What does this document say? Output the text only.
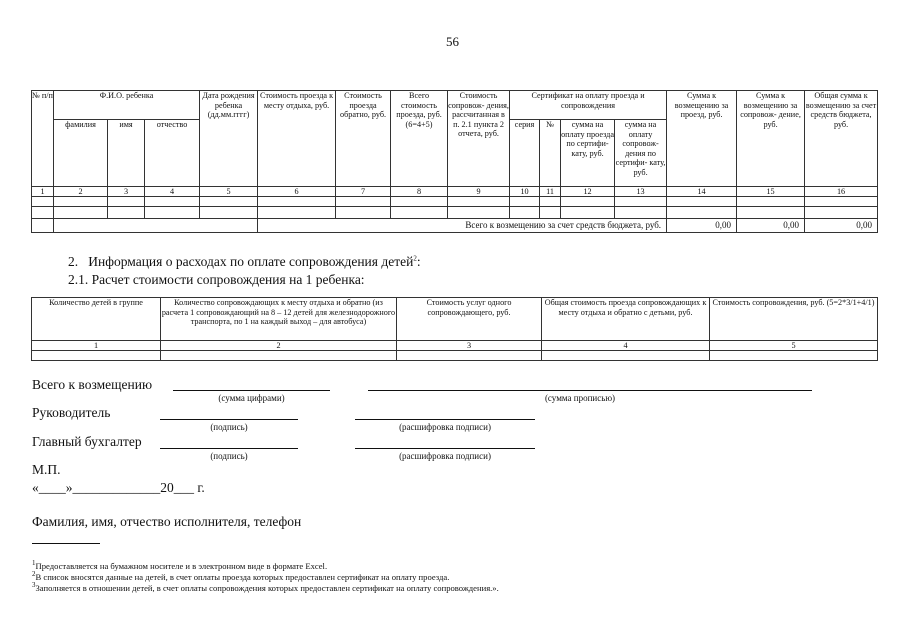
56
№ п/п	Ф.И.О. ребенка			Дата рождения ребенка (дд.мм.гггг)	Стоимость проезда к месту отдыха, руб.	Стоимость проезда обратно, руб.	Всего стоимость проезда, руб. (6=4+5)	Стоимость сопровож- дения, рассчитанная в п. 2.1 пункта 2 отчета, руб.	Сертификат на оплату проезда и сопровождения				Сумма к возмещению за проезд, руб.	Сумма к возмещению за сопровож- дение, руб.	Общая сумма к возмещению за счет средств бюджета, руб.
	фамилия	имя	отчество						серия	№	сумма на оплату проезда по сертифи- кату, руб.	сумма на оплату сопровож- дения по сертифи- кату, руб.			
1	2	3	4	5	6	7	8	9	10	11	12	13	14	15	16

					Всего к возмещению за счет средств бюджета, руб.								0,00	0,00	0,00
2.   Информация о расходах по оплате сопровождения детей$^2$:
2.1. Расчет стоимости сопровождения на 1 ребенка:
Количество детей в группе	Количество сопровождающих к месту отдыха и обратно (из расчета 1 сопровождающий на 8 – 12 детей для железнодорожного транспорта, по 1 на каждый выход – для автобуса)	Стоимость услуг одного сопровождающего, руб.	Общая стоимость проезда сопровождающих к месту отдыха и обратно с детьми, руб.	Стоимость сопровождения, руб. (5=2*3/1+4/1)
1	2	3	4	5

Всего к возмещению
(сумма цифрами)	(сумма прописью)
Руководитель
(подпись)	(расшифровка подписи)
Главный бухгалтер
(подпись)	(расшифровка подписи)
М.П.
«____»_____________20___ г.
Фамилия, имя, отчество исполнителя, телефон
$^1$Предоставляется на бумажном носителе и в электронном виде в формате Excel.
$^2$В список вносятся данные на детей, в счет оплаты проезда которых предоставлен сертификат на оплату проезда.
$^3$Заполняется в отношении детей, в счет оплаты сопровождения которых предоставлен сертификат на оплату сопровождения.».
